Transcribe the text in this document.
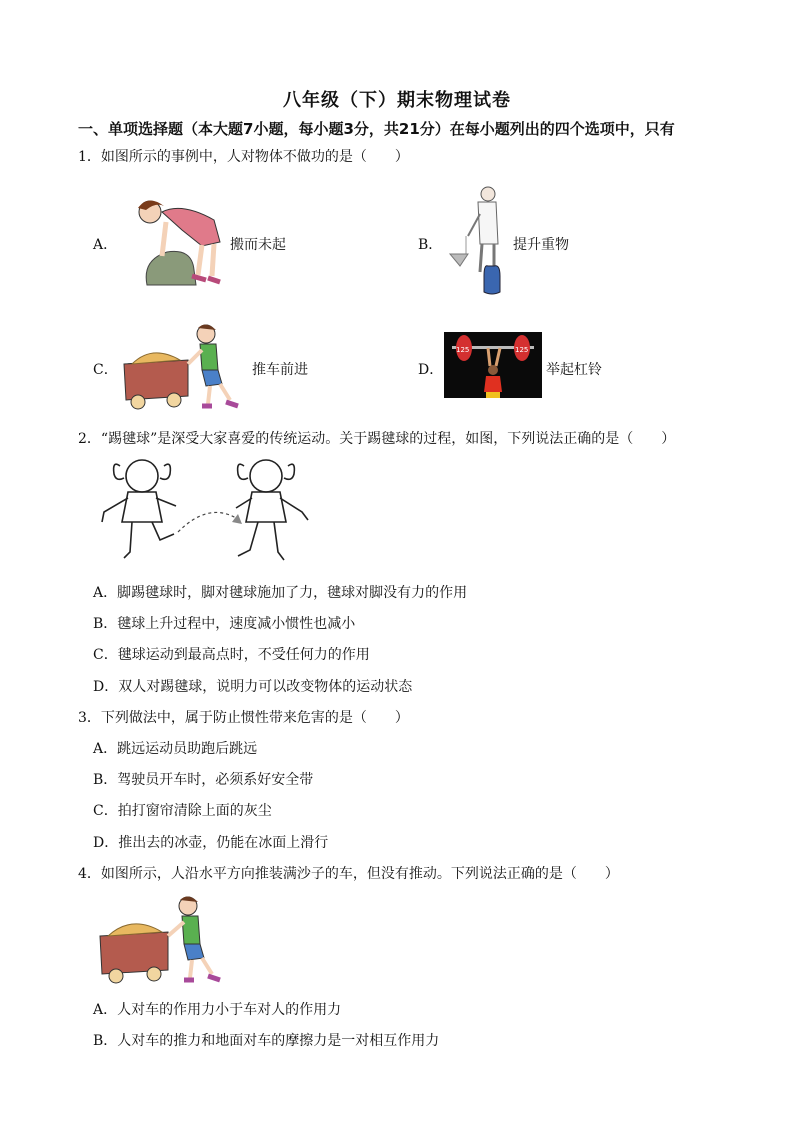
八年级（下）期末物理试卷
一、单项选择题（本大题7小题，每小题3分，共21分）在每小题列出的四个选项中，只有
1．如图所示的事例中，人对物体不做功的是（　　）
A．	搬而未起	B．	提升重物
C．	推车前进	D．
125	125
举起杠铃
2．“踢毽球”是深受大家喜爱的传统运动。关于踢毽球的过程，如图，下列说法正确的是（　　）
A．脚踢毽球时，脚对毽球施加了力，毽球对脚没有力的作用
B．毽球上升过程中，速度减小惯性也减小
C．毽球运动到最高点时，不受任何力的作用
D．双人对踢毽球，说明力可以改变物体的运动状态
3．下列做法中，属于防止惯性带来危害的是（　　）
A．跳远运动员助跑后跳远
B．驾驶员开车时，必须系好安全带
C．拍打窗帘清除上面的灰尘
D．推出去的冰壶，仍能在冰面上滑行
4．如图所示，人沿水平方向推装满沙子的车，但没有推动。下列说法正确的是（　　）
A．人对车的作用力小于车对人的作用力
B．人对车的推力和地面对车的摩擦力是一对相互作用力
